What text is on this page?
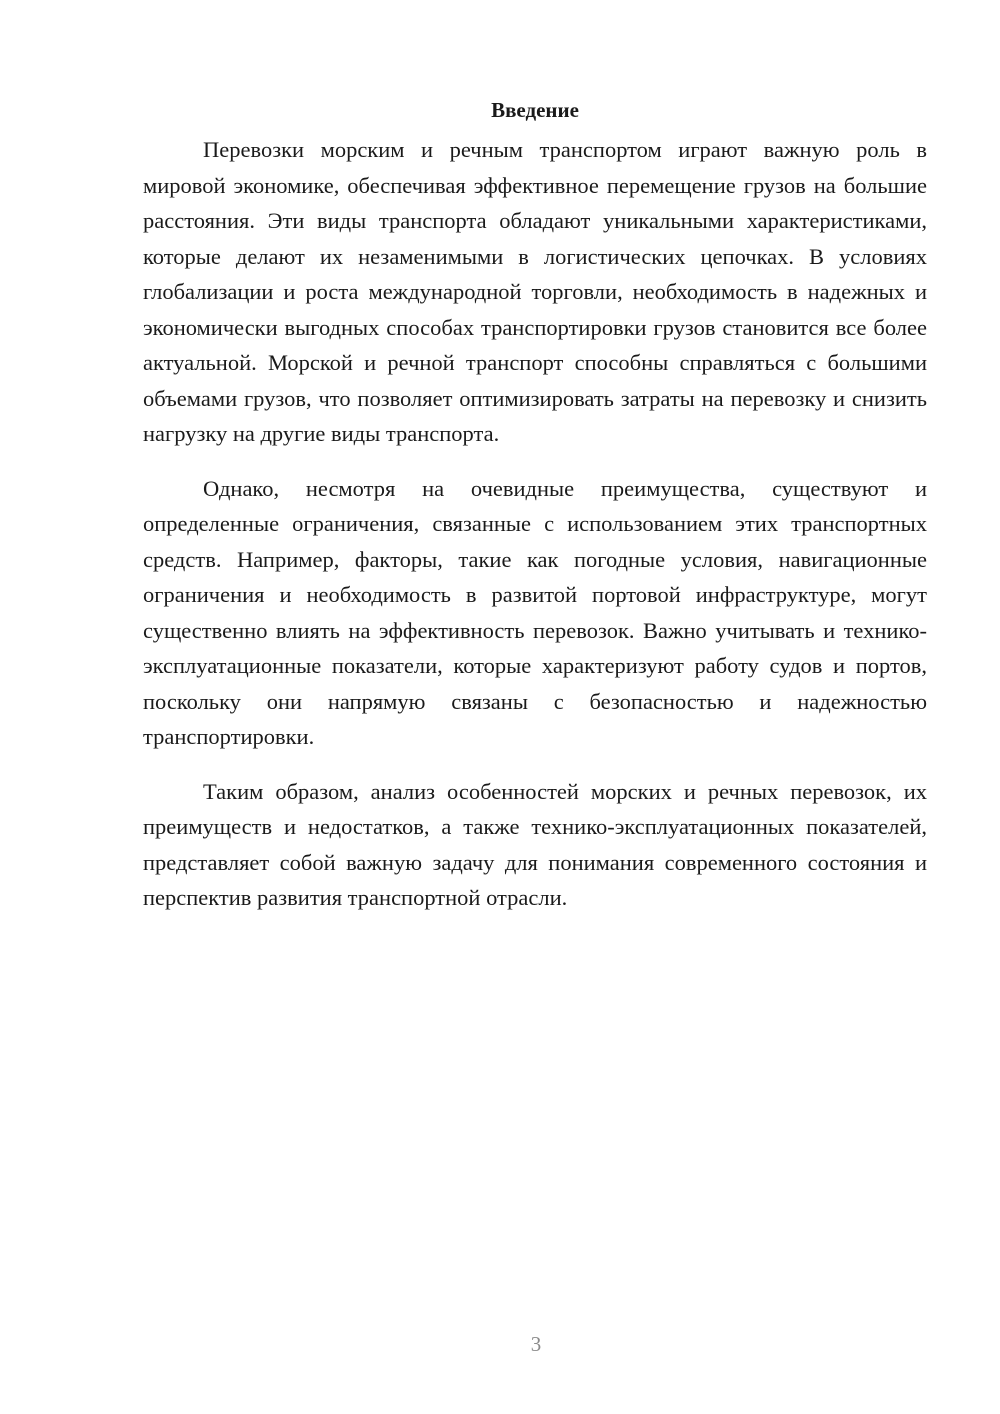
Введение

Перевозки морским и речным транспортом играют важную роль в мировой экономике, обеспечивая эффективное перемещение грузов на большие расстояния. Эти виды транспорта обладают уникальными характеристиками, которые делают их незаменимыми в логистических цепочках. В условиях глобализации и роста международной торговли, необходимость в надежных и экономически выгодных способах транспортировки грузов становится все более актуальной. Морской и речной транспорт способны справляться с большими объемами грузов, что позволяет оптимизировать затраты на перевозку и снизить нагрузку на другие виды транспорта.

Однако, несмотря на очевидные преимущества, существуют и определенные ограничения, связанные с использованием этих транспортных средств. Например, факторы, такие как погодные условия, навигационные ограничения и необходимость в развитой портовой инфраструктуре, могут существенно влиять на эффективность перевозок. Важно учитывать и технико-эксплуатационные показатели, которые характеризуют работу судов и портов, поскольку они напрямую связаны с безопасностью и надежностью транспортировки.

Таким образом, анализ особенностей морских и речных перевозок, их преимуществ и недостатков, а также технико-эксплуатационных показателей, представляет собой важную задачу для понимания современного состояния и перспектив развития транспортной отрасли.

3
